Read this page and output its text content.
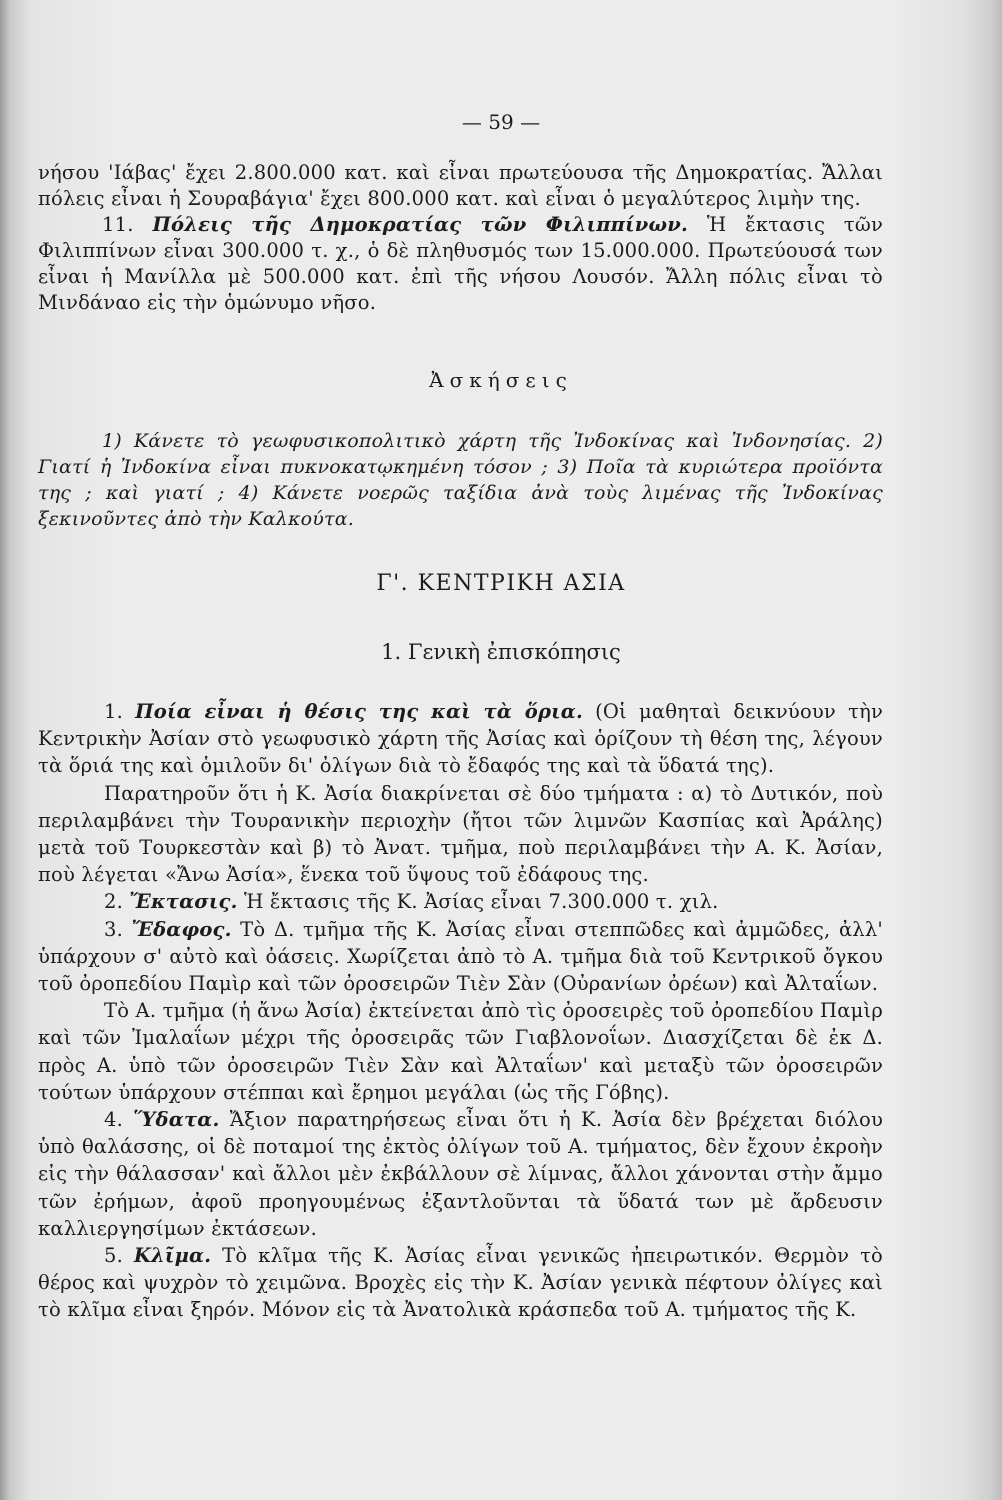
— 59 —

νήσου 'Ιάβας' ἔχει 2.800.000 κατ. καὶ εἶναι πρωτεύουσα τῆς Δημοκρατίας. Ἄλλαι πόλεις εἶναι ἡ Σουραβάγια' ἔχει 800.000 κατ. καὶ εἶναι ὁ μεγαλύτερος λιμὴν της.

11. Πόλεις τῆς Δημοκρατίας τῶν Φιλιππίνων. Ἡ ἔκτασις τῶν Φιλιππίνων εἶναι 300.000 τ. χ., ὁ δὲ πληθυσμός των 15.000.000. Πρωτεύουσά των εἶναι ἡ Μανίλλα μὲ 500.000 κατ. ἐπὶ τῆς νήσου Λουσόν. Ἄλλη πόλις εἶναι τὸ Μινδάναο εἰς τὴν ὁμώνυμο νῆσο.

Ἀσκήσεις

1) Κάνετε τὸ γεωφυσικοπολιτικὸ χάρτη τῆς Ἰνδοκίνας καὶ Ἰνδονησίας. 2) Γιατί ἡ Ἰνδοκίνα εἶναι πυκνοκατῳκημένη τόσον ; 3) Ποῖα τὰ κυριώτερα προϊόντα της ; καὶ γιατί ; 4) Κάνετε νοερῶς ταξίδια ἀνὰ τοὺς λιμένας τῆς Ἰνδοκίνας ξεκινοῦντες ἀπὸ τὴν Καλκούτα.

Γ'. ΚΕΝΤΡΙΚΗ ΑΣΙΑ
1. Γενικὴ ἐπισκόπησις

1. Ποία εἶναι ἡ θέσις της καὶ τὰ ὅρια. (Οἱ μαθηταὶ δεικνύουν τὴν Κεντρικὴν Ἀσίαν στὸ γεωφυσικὸ χάρτη τῆς Ἀσίας καὶ ὁρίζουν τὴ θέση της, λέγουν τὰ ὅριά της καὶ ὁμιλοῦν δι' ὀλίγων διὰ τὸ ἔδαφός της καὶ τὰ ὕδατά της).

Παρατηροῦν ὅτι ἡ Κ. Ἀσία διακρίνεται σὲ δύο τμήματα : α) τὸ Δυτικόν, ποὺ περιλαμβάνει τὴν Τουρανικὴν περιοχὴν (ἤτοι τῶν λιμνῶν Κασπίας καὶ Ἀράλης) μετὰ τοῦ Τουρκεστὰν καὶ β) τὸ Ἀνατ. τμῆμα, ποὺ περιλαμβάνει τὴν Α. Κ. Ἀσίαν, ποὺ λέγεται «Ἄνω Ἀσία», ἕνεκα τοῦ ὕψους τοῦ ἐδάφους της.

2. Ἔκτασις. Ἡ ἔκτασις τῆς Κ. Ἀσίας εἶναι 7.300.000 τ. χιλ.

3. Ἔδαφος. Τὸ Δ. τμῆμα τῆς Κ. Ἀσίας εἶναι στεππῶδες καὶ ἀμμῶδες, ἀλλ' ὑπάρχουν σ' αὐτὸ καὶ ὀάσεις. Χωρίζεται ἀπὸ τὸ Α. τμῆμα διὰ τοῦ Κεντρικοῦ ὄγκου τοῦ ὀροπεδίου Παμὶρ καὶ τῶν ὀροσειρῶν Τιὲν Σὰν (Οὐρανίων ὀρέων) καὶ Ἀλταΐων.

Τὸ Α. τμῆμα (ἡ ἄνω Ἀσία) ἐκτείνεται ἀπὸ τὶς ὀροσειρὲς τοῦ ὀροπεδίου Παμὶρ καὶ τῶν Ἰμαλαΐων μέχρι τῆς ὀροσειρᾶς τῶν Γιαβλονοΐων. Διασχίζεται δὲ ἐκ Δ. πρὸς Α. ὑπὸ τῶν ὀροσειρῶν Τιὲν Σὰν καὶ Ἀλταΐων' καὶ μεταξὺ τῶν ὀροσειρῶν τούτων ὑπάρχουν στέππαι καὶ ἔρημοι μεγάλαι (ὡς τῆς Γόβης).

4. Ὕδατα. Ἄξιον παρατηρήσεως εἶναι ὅτι ἡ Κ. Ἀσία δὲν βρέχεται διόλου ὑπὸ θαλάσσης, οἱ δὲ ποταμοί της ἐκτὸς ὀλίγων τοῦ Α. τμήματος, δὲν ἔχουν ἐκροὴν εἰς τὴν θάλασσαν' καὶ ἄλλοι μὲν ἐκβάλλουν σὲ λίμνας, ἄλλοι χάνονται στὴν ἄμμο τῶν ἐρήμων, ἀφοῦ προηγουμένως ἐξαντλοῦνται τὰ ὕδατά των μὲ ἄρδευσιν καλλιεργησίμων ἐκτάσεων.

5. Κλῖμα. Τὸ κλῖμα τῆς Κ. Ἀσίας εἶναι γενικῶς ἠπειρωτικόν. Θερμὸν τὸ θέρος καὶ ψυχρὸν τὸ χειμῶνα. Βροχὲς εἰς τὴν Κ. Ἀσίαν γενικὰ πέφτουν ὀλίγες καὶ τὸ κλῖμα εἶναι ξηρόν. Μόνον εἰς τὰ Ἀνατολικὰ κράσπεδα τοῦ Α. τμήματος τῆς Κ.
